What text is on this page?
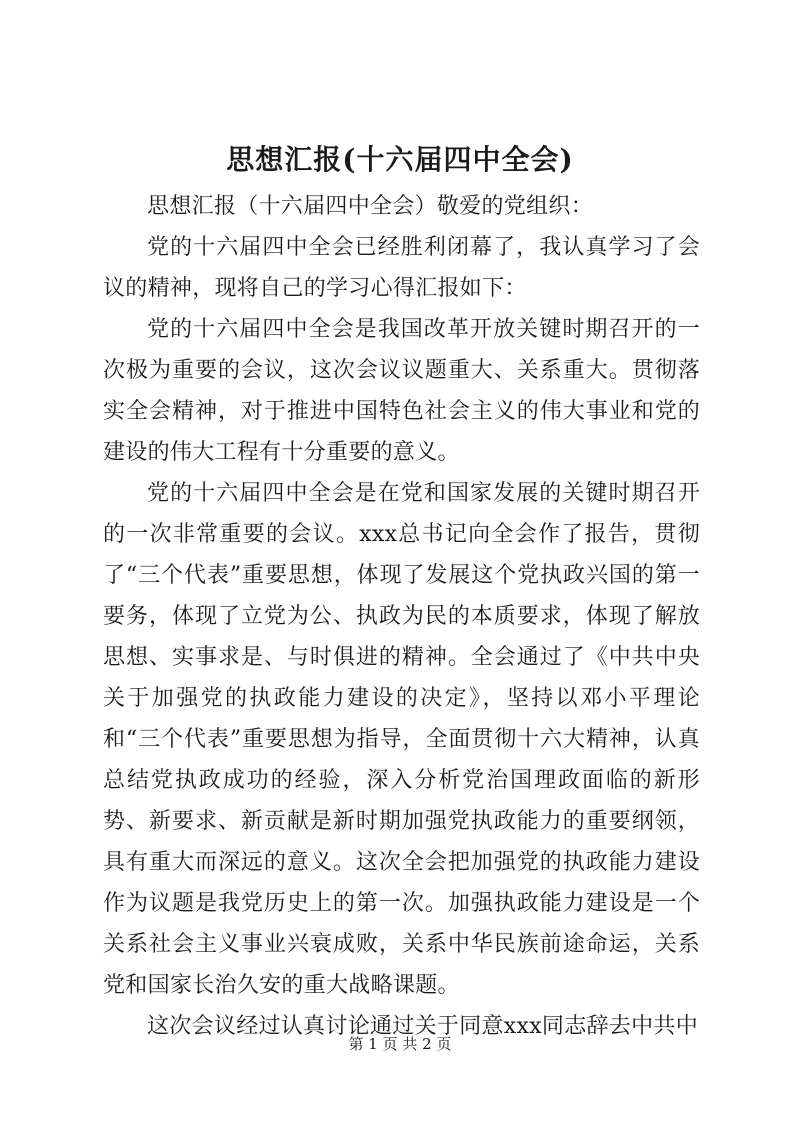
思想汇报(十六届四中全会)

思想汇报（十六届四中全会）敬爱的党组织：

党的十六届四中全会已经胜利闭幕了，我认真学习了会议的精神，现将自己的学习心得汇报如下：

党的十六届四中全会是我国改革开放关键时期召开的一次极为重要的会议，这次会议议题重大、关系重大。贯彻落实全会精神，对于推进中国特色社会主义的伟大事业和党的建设的伟大工程有十分重要的意义。

党的十六届四中全会是在党和国家发展的关键时期召开的一次非常重要的会议。xxx总书记向全会作了报告，贯彻了“三个代表”重要思想，体现了发展这个党执政兴国的第一要务，体现了立党为公、执政为民的本质要求，体现了解放思想、实事求是、与时俱进的精神。全会通过了《中共中央关于加强党的执政能力建设的决定》，坚持以邓小平理论和“三个代表”重要思想为指导，全面贯彻十六大精神，认真总结党执政成功的经验，深入分析党治国理政面临的新形势、新要求、新贡献是新时期加强党执政能力的重要纲领，具有重大而深远的意义。这次全会把加强党的执政能力建设作为议题是我党历史上的第一次。加强执政能力建设是一个关系社会主义事业兴衰成败，关系中华民族前途命运，关系党和国家长治久安的重大战略课题。

这次会议经过认真讨论通过关于同意xxx同志辞去中共中

第 1 页 共 2 页
